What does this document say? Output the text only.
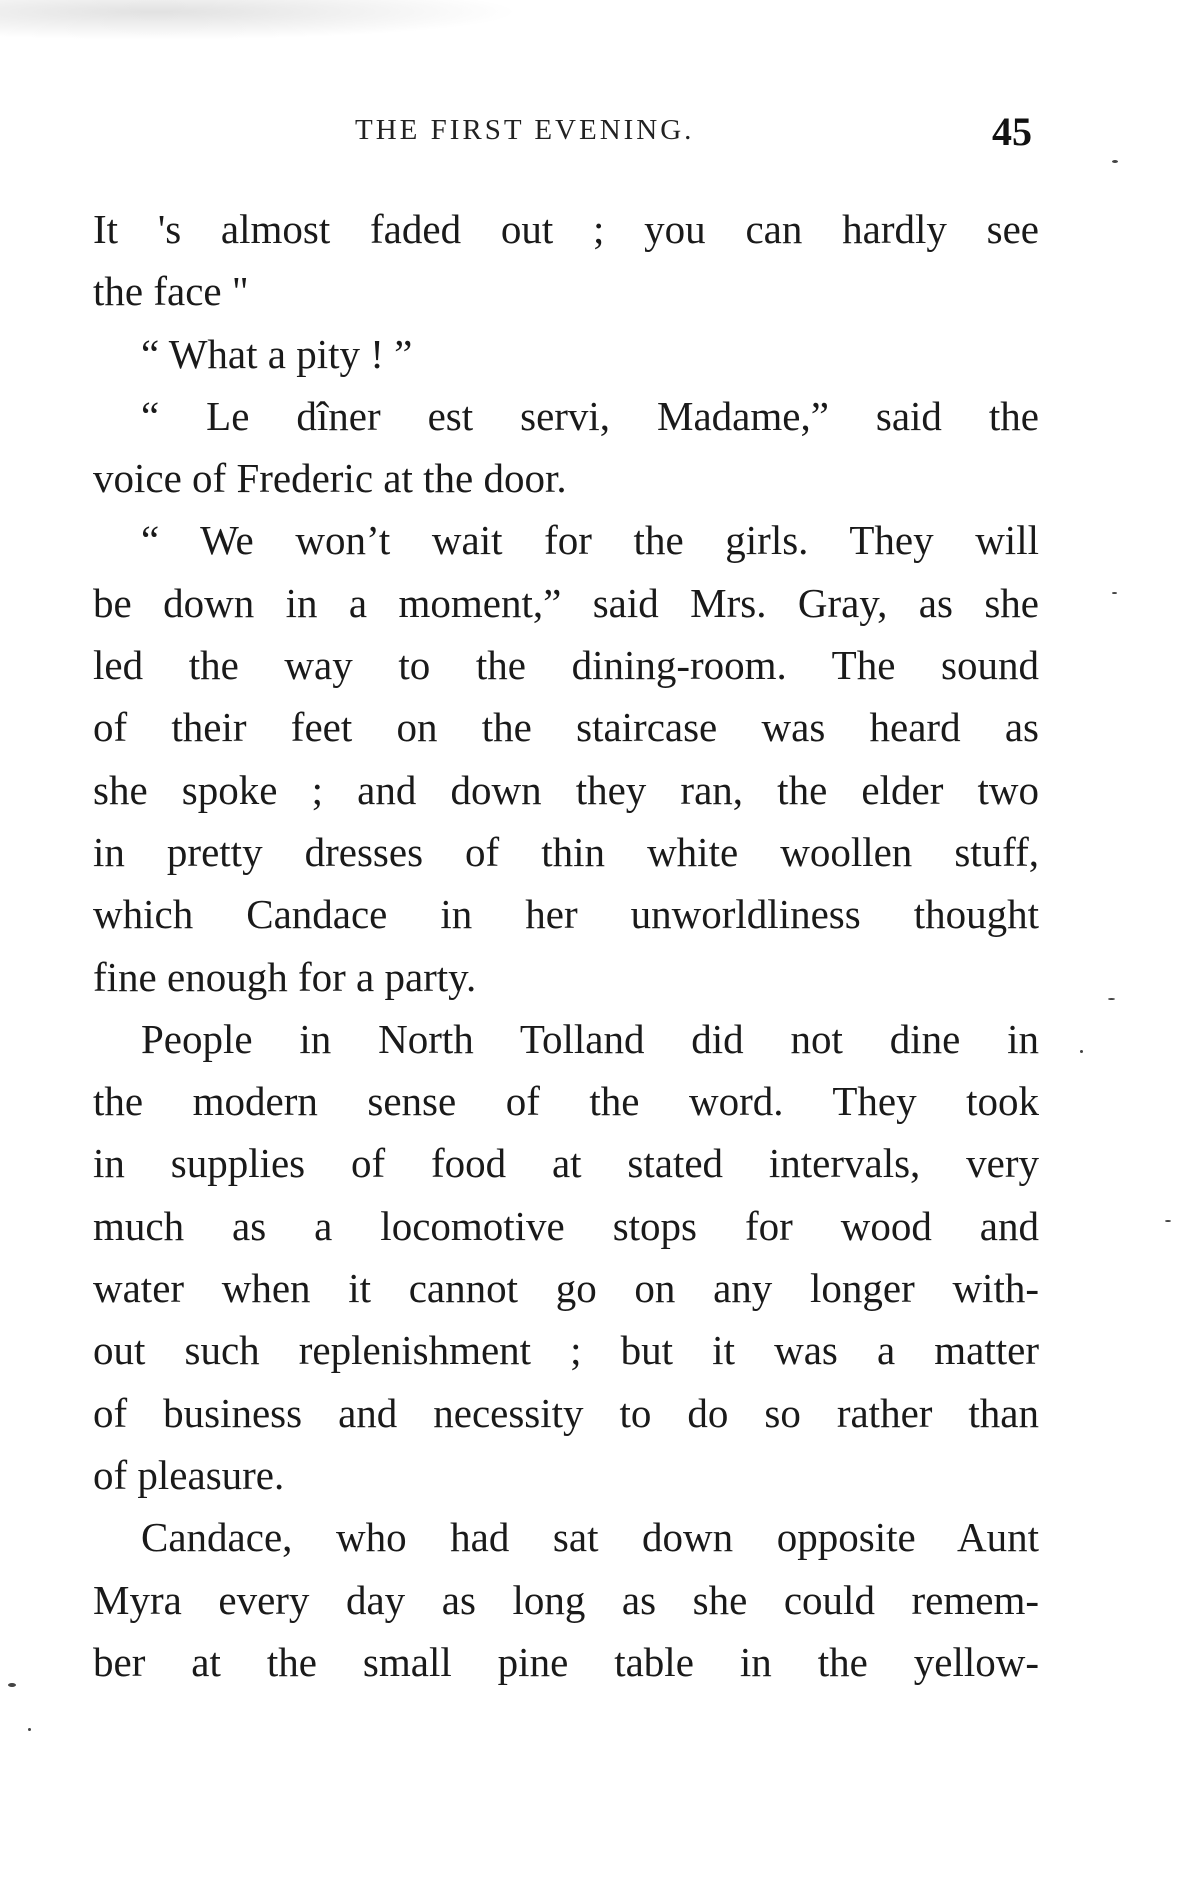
THE FIRST EVENING.	45
It 's almost faded out ; you can hardly see
the face "
“ What a pity ! ”
“ Le dîner est servi, Madame,” said the
voice of Frederic at the door.
“ We won’t wait for the girls. They will
be down in a moment,” said Mrs. Gray, as she
led the way to the dining-room. The sound
of their feet on the staircase was heard as
she spoke ; and down they ran, the elder two
in pretty dresses of thin white woollen stuff,
which Candace in her unworldliness thought
fine enough for a party.
People in North Tolland did not dine in
the modern sense of the word. They took
in supplies of food at stated intervals, very
much as a locomotive stops for wood and
water when it cannot go on any longer with-
out such replenishment ; but it was a matter
of business and necessity to do so rather than
of pleasure.
Candace, who had sat down opposite Aunt
Myra every day as long as she could remem-
ber at the small pine table in the yellow-
